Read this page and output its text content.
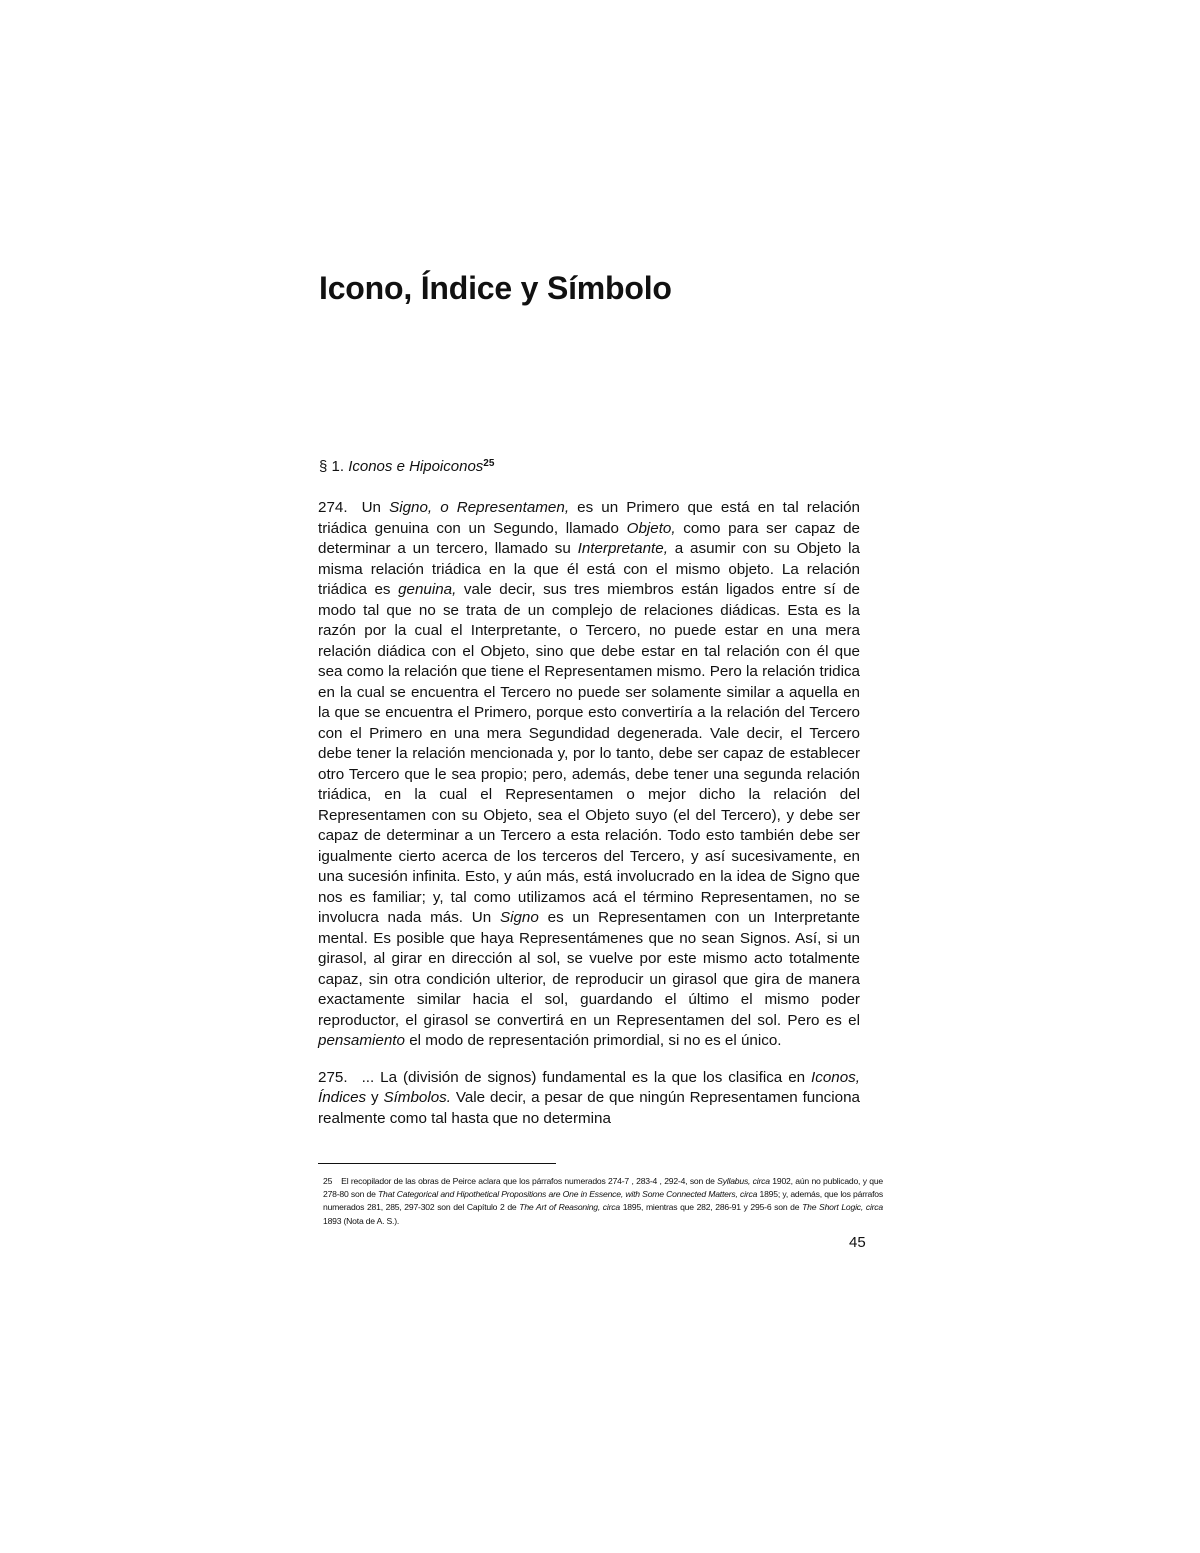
Icono, Índice y Símbolo

§ 1. Iconos e Hipoiconos$^{25}$

274. Un Signo, o Representamen, es un Primero que está en tal relación triádica genuina con un Segundo, llamado Objeto, como para ser capaz de determinar a un tercero, llamado su Interpretante, a asumir con su Objeto la misma relación triádica en la que él está con el mismo objeto. La relación triádica es genuina, vale decir, sus tres miembros están ligados entre sí de modo tal que no se trata de un complejo de relaciones diádicas. Esta es la razón por la cual el Interpretante, o Tercero, no puede estar en una mera relación diádica con el Objeto, sino que debe estar en tal relación con él que sea como la relación que tiene el Representamen mismo. Pero la relación tridica en la cual se encuentra el Tercero no puede ser solamente similar a aquella en la que se encuentra el Primero, porque esto convertiría a la relación del Tercero con el Primero en una mera Segundidad degenerada. Vale decir, el Tercero debe tener la relación mencionada y, por lo tanto, debe ser capaz de establecer otro Tercero que le sea propio; pero, además, debe tener una segunda relación triádica, en la cual el Representamen o mejor dicho la relación del Representamen con su Objeto, sea el Objeto suyo (el del Tercero), y debe ser capaz de determinar a un Tercero a esta relación. Todo esto también debe ser igualmente cierto acerca de los terceros del Tercero, y así sucesivamente, en una sucesión infinita. Esto, y aún más, está involucrado en la idea de Signo que nos es familiar; y, tal como utilizamos acá el término Representamen, no se involucra nada más. Un Signo es un Representamen con un Interpretante mental. Es posible que haya Representámenes que no sean Signos. Así, si un girasol, al girar en dirección al sol, se vuelve por este mismo acto totalmente capaz, sin otra condición ulterior, de reproducir un girasol que gira de manera exactamente similar hacia el sol, guardando el último el mismo poder reproductor, el girasol se convertirá en un Representamen del sol. Pero es el pensamiento el modo de representación primordial, si no es el único.

275. ... La (división de signos) fundamental es la que los clasifica en Iconos, Índices y Símbolos. Vale decir, a pesar de que ningún Representamen funciona realmente como tal hasta que no determina

25 El recopilador de las obras de Peirce aclara que los párrafos numerados 274-7 , 283-4 , 292-4, son de Syllabus, circa 1902, aún no publicado, y que 278-80 son de That Categorical and Hipothetical Propositions are One in Essence, with Some Connected Matters, circa 1895; y, además, que los párrafos numerados 281, 285, 297-302 son del Capítulo 2 de The Art of Reasoning, circa 1895, mientras que 282, 286-91 y 295-6 son de The Short Logic, circa 1893 (Nota de A. S.).
45
